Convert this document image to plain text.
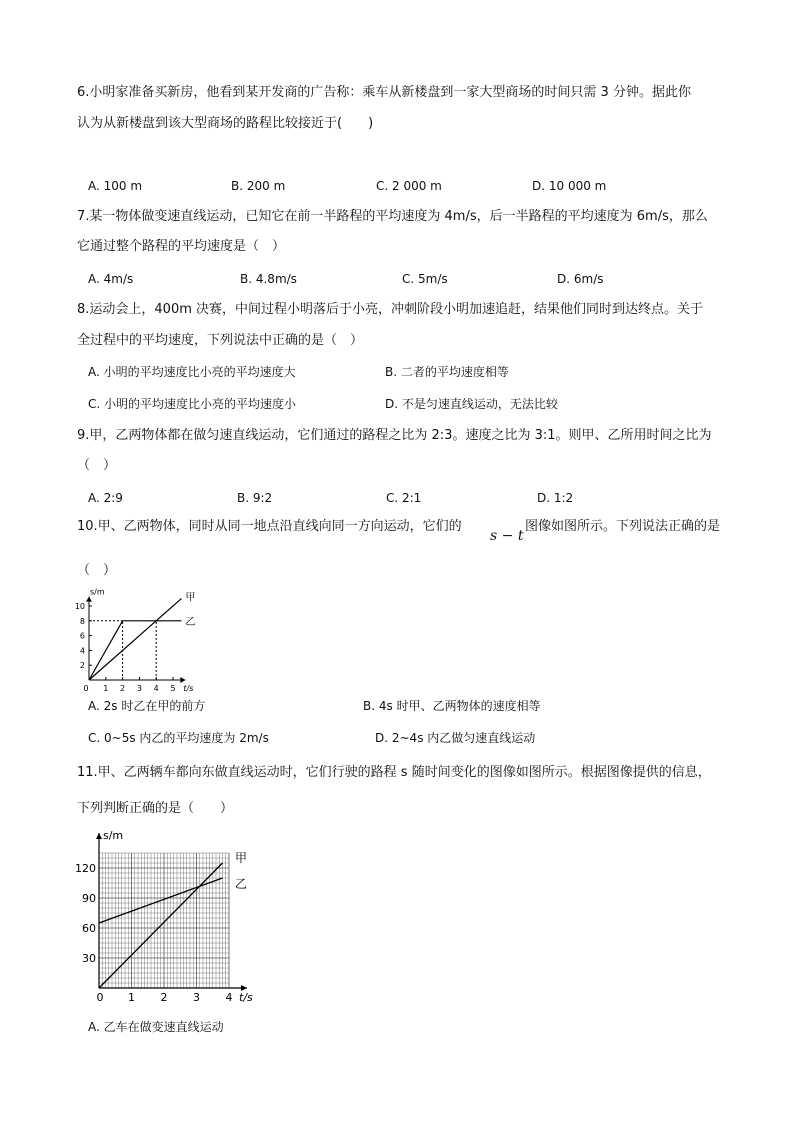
6.小明家准备买新房，他看到某开发商的广告称：乘车从新楼盘到一家大型商场的时间只需 3 分钟。据此你
认为从新楼盘到该大型商场的路程比较接近于(　　)
A. 100 m	B. 200 m	C. 2 000 m	D. 10 000 m
7.某一物体做变速直线运动，已知它在前一半路程的平均速度为 4m/s，后一半路程的平均速度为 6m/s，那么
它通过整个路程的平均速度是（　）
A. 4m/s	B. 4.8m/s	C. 5m/s	D. 6m/s
8.运动会上，400m 决赛，中间过程小明落后于小亮，冲刺阶段小明加速追赶，结果他们同时到达终点。关于
全过程中的平均速度，下列说法中正确的是（　）
A. 小明的平均速度比小亮的平均速度大	B. 二者的平均速度相等
C. 小明的平均速度比小亮的平均速度小	D. 不是匀速直线运动，无法比较
9.甲，乙两物体都在做匀速直线运动，它们通过的路程之比为 2:3。速度之比为 3:1。则甲、乙所用时间之比为
（　）
A. 2:9	B. 9:2	C. 2:1	D. 1:2
10.甲、乙两物体，同时从同一地点沿直线向同一方向运动，它们的
s − t
图像如图所示。下列说法正确的是
（　）
0 1 2 3 4 5
2
4
6
8
10
s/m
t/s
甲
乙
A. 2s 时乙在甲的前方	B. 4s 时甲、乙两物体的速度相等
C. 0~5s 内乙的平均速度为 2m/s	D. 2~4s 内乙做匀速直线运动
11.甲、乙两辆车都向东做直线运动时，它们行驶的路程 s 随时间变化的图像如图所示。根据图像提供的信息，
下列判断正确的是（　　）
0 1 2 3 4
30
60
90
120
s/m
t/s
甲
乙
A. 乙车在做变速直线运动
